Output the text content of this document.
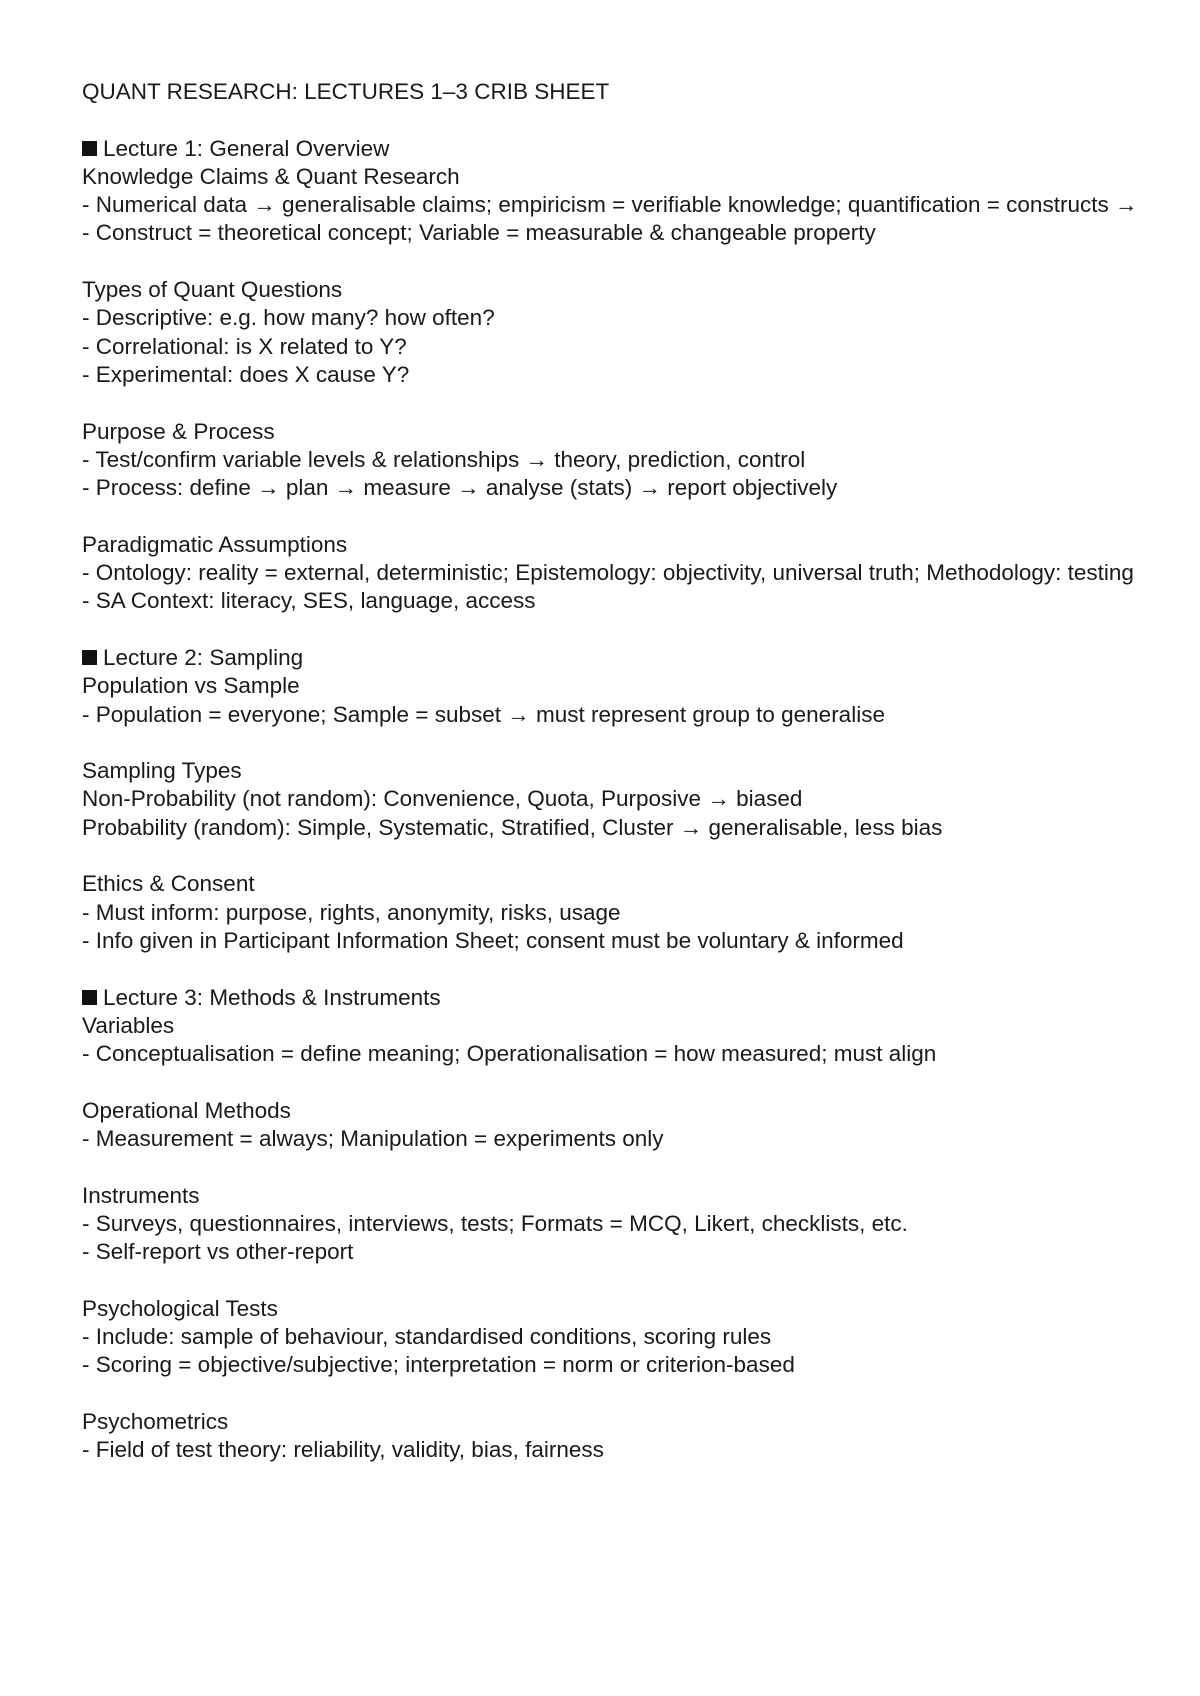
QUANT RESEARCH: LECTURES 1–3 CRIB SHEET
Lecture 1: General Overview
Knowledge Claims & Quant Research
- Numerical data → generalisable claims; empiricism = verifiable knowledge; quantification = constructs →
- Construct = theoretical concept; Variable = measurable & changeable property
Types of Quant Questions
- Descriptive: e.g. how many? how often?
- Correlational: is X related to Y?
- Experimental: does X cause Y?
Purpose & Process
- Test/confirm variable levels & relationships → theory, prediction, control
- Process: define → plan → measure → analyse (stats) → report objectively
Paradigmatic Assumptions
- Ontology: reality = external, deterministic; Epistemology: objectivity, universal truth; Methodology: testing
- SA Context: literacy, SES, language, access
Lecture 2: Sampling
Population vs Sample
- Population = everyone; Sample = subset → must represent group to generalise
Sampling Types
Non-Probability (not random): Convenience, Quota, Purposive → biased
Probability (random): Simple, Systematic, Stratified, Cluster → generalisable, less bias
Ethics & Consent
- Must inform: purpose, rights, anonymity, risks, usage
- Info given in Participant Information Sheet; consent must be voluntary & informed
Lecture 3: Methods & Instruments
Variables
- Conceptualisation = define meaning; Operationalisation = how measured; must align
Operational Methods
- Measurement = always; Manipulation = experiments only
Instruments
- Surveys, questionnaires, interviews, tests; Formats = MCQ, Likert, checklists, etc.
- Self-report vs other-report
Psychological Tests
- Include: sample of behaviour, standardised conditions, scoring rules
- Scoring = objective/subjective; interpretation = norm or criterion-based
Psychometrics
- Field of test theory: reliability, validity, bias, fairness
